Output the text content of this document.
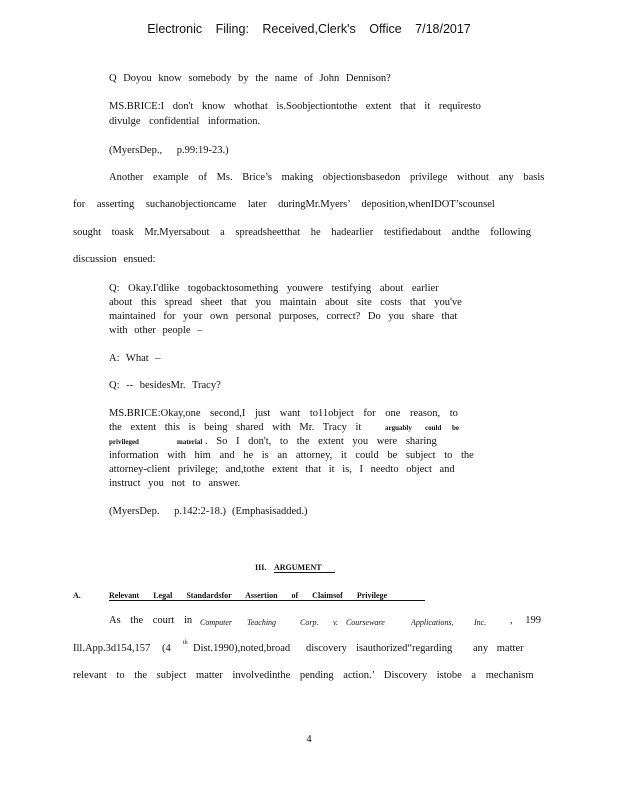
Electronic Filing: Received,Clerk's Office 7/18/2017
Q Doyou know somebody by the name of John Dennison?
MS.BRICE:I don't know whothat is.Soobjectiontothe extent that it requiresto
divulge confidential information.
(MyersDep., p.99:19-23.)
Another example of Ms. Brice’s making objectionsbasedon privilege without any basis
for asserting suchanobjectioncame later duringMr.Myers’ deposition,whenIDOT’scounsel
sought toask Mr.Myersabout a spreadsheetthat he hadearlier testifiedabout andthe following
discussion ensued:
Q: Okay.I'dlike togobacktosomething youwere testifying about earlier
about this spread sheet that you maintain about site costs that you've
maintained for your own personal purposes, correct? Do you share that
with other people –
A: What –
Q: -- besidesMr. Tracy?
MS.BRICE:Okay,one second,I just want to11object for one reason, to
the extent this is being shared with Mr. Tracy it	arguably could be
privileged	material . So I don't, to the extent you were sharing
information with him and he is an attorney, it could be subject to the
attorney-client privilege; and,tothe extent that it is, I needto object and
instruct you not to answer.
(MyersDep. p.142:2-18.) (Emphasisadded.)
III. ARGUMENT
A.	Relevant Legal Standardsfor Assertion of Claimsof Privilege
As the court in Computer Teaching	Corp. v. Courseware	Applications,	Inc. , 199
Ill.App.3d154,157 (4 th Dist.1990),noted,broad discovery isauthorized“regarding any matter
relevant to the subject matter involvedinthe pending action.’ Discovery istobe a mechanism
4
